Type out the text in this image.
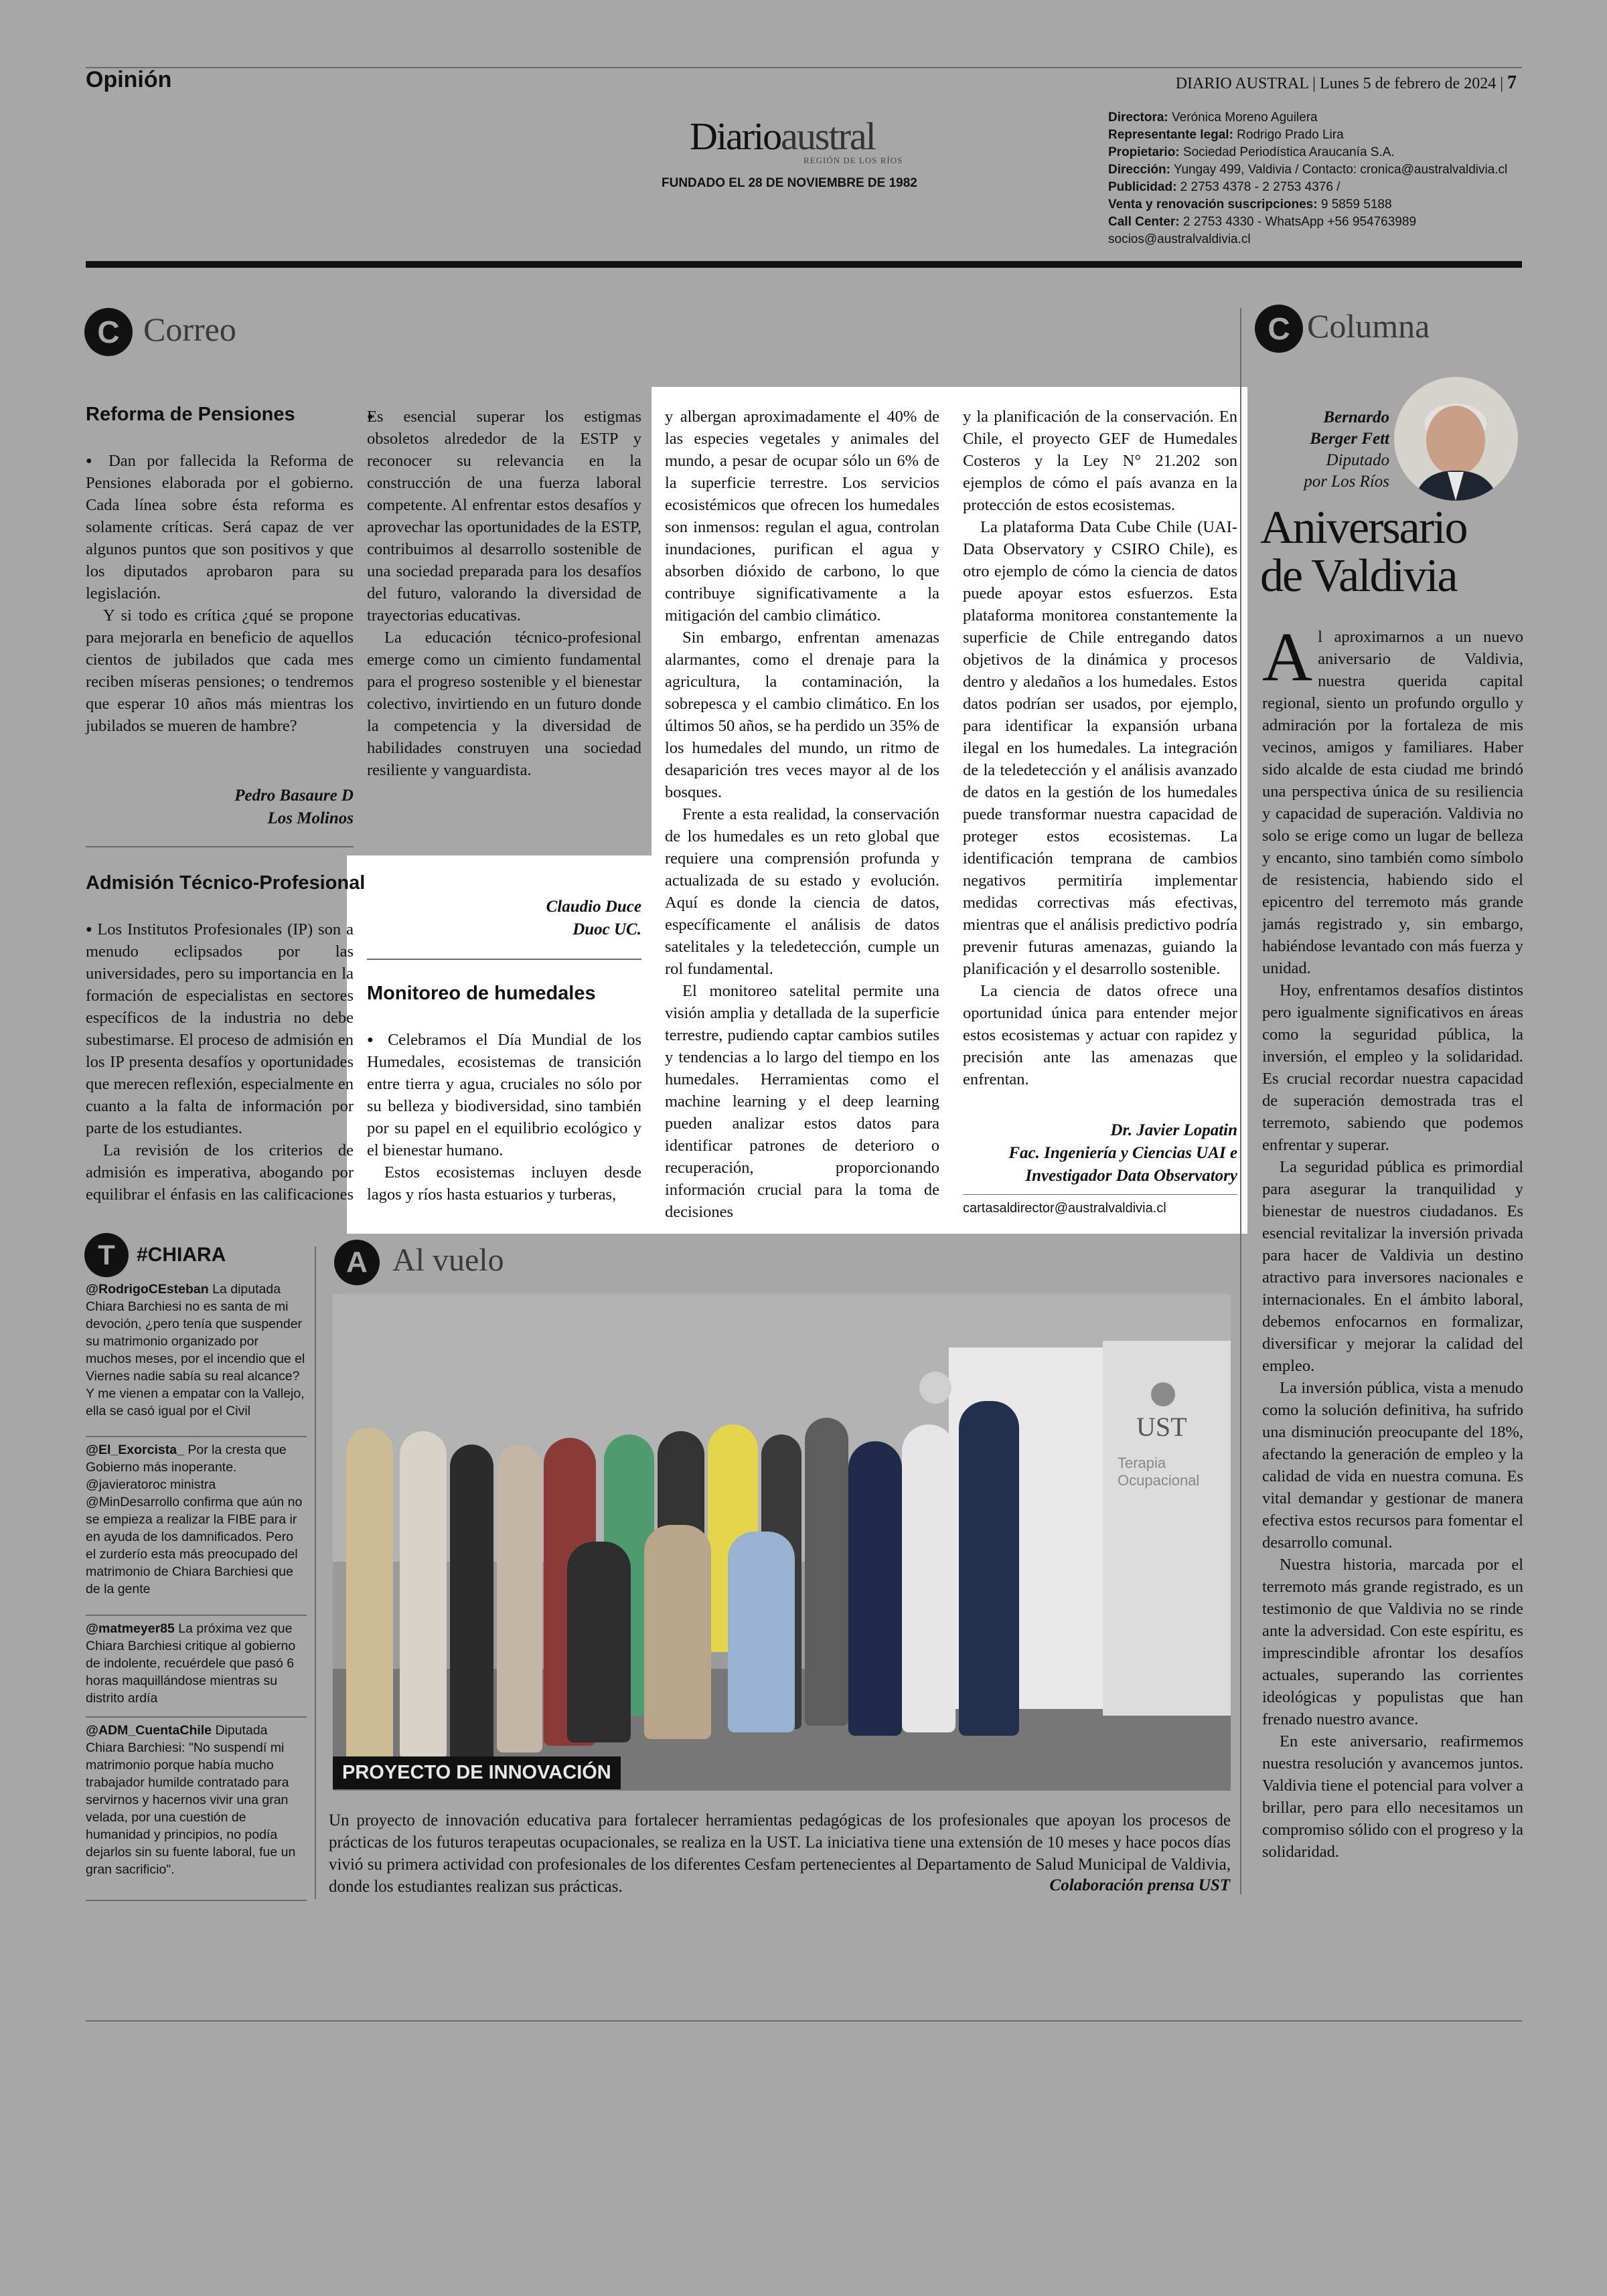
Opinión	DIARIO AUSTRAL | Lunes 5 de febrero de 2024 | 7
Diarioaustral
REGIÓN DE LOS RÍOS
FUNDADO EL 28 DE NOVIEMBRE DE 1982
Directora: Verónica Moreno Aguilera
Representante legal: Rodrigo Prado Lira
Propietario: Sociedad Periodística Araucanía S.A.
Dirección: Yungay 499, Valdivia / Contacto: cronica@australvaldivia.cl
Publicidad: 2 2753 4378 - 2 2753 4376 /
Venta y renovación suscripciones: 9 5859 5188
Call Center: 2 2753 4330 - WhatsApp +56 954763989
socios@australvaldivia.cl
C Correo
Reforma de Pensiones

● Dan por fallecida la Reforma de Pensiones elaborada por el gobierno. Cada línea sobre ésta reforma es solamente críticas. Será capaz de ver algunos puntos que son positivos y que los diputados aprobaron para su legislación.

Y si todo es crítica ¿qué se propone para mejorarla en beneficio de aquellos cientos de jubilados que cada mes reciben míseras pensiones; o tendremos que esperar 10 años más mientras los jubilados se mueren de hambre?

Pedro Basaure D
Los Molinos
Admisión Técnico-Profesional

● Los Institutos Profesionales (IP) son a menudo eclipsados por las universidades, pero su importancia en la formación de especialistas en sectores específicos de la industria no debe subestimarse. El proceso de admisión en los IP presenta desafíos y oportunidades que merecen reflexión, especialmente en cuanto a la falta de información por parte de los estudiantes.

La revisión de los criterios de admisión es imperativa, abogando por equilibrar el énfasis en las calificaciones

●

Es esencial superar los estigmas obsoletos alrededor de la ESTP y reconocer su relevancia en la construcción de una fuerza laboral competente. Al enfrentar estos desafíos y aprovechar las oportunidades de la ESTP, contribuimos al desarrollo sostenible de una sociedad preparada para los desafíos del futuro, valorando la diversidad de trayectorias educativas.

La educación técnico-profesional emerge como un cimiento fundamental para el progreso sostenible y el bienestar colectivo, invirtiendo en un futuro donde la competencia y la diversidad de habilidades construyen una sociedad resiliente y vanguardista.

Claudio Duce
Duoc UC.
Monitoreo de humedales

● Celebramos el Día Mundial de los Humedales, ecosistemas de transición entre tierra y agua, cruciales no sólo por su belleza y biodiversidad, sino también por su papel en el equilibrio ecológico y el bienestar humano.

Estos ecosistemas incluyen desde lagos y ríos hasta estuarios y turberas,

y albergan aproximadamente el 40% de las especies vegetales y animales del mundo, a pesar de ocupar sólo un 6% de la superficie terrestre. Los servicios ecosistémicos que ofrecen los humedales son inmensos: regulan el agua, controlan inundaciones, purifican el agua y absorben dióxido de carbono, lo que contribuye significativamente a la mitigación del cambio climático.

Sin embargo, enfrentan amenazas alarmantes, como el drenaje para la agricultura, la contaminación, la sobrepesca y el cambio climático. En los últimos 50 años, se ha perdido un 35% de los humedales del mundo, un ritmo de desaparición tres veces mayor al de los bosques.

Frente a esta realidad, la conservación de los humedales es un reto global que requiere una comprensión profunda y actualizada de su estado y evolución. Aquí es donde la ciencia de datos, específicamente el análisis de datos satelitales y la teledetección, cumple un rol fundamental.

El monitoreo satelital permite una visión amplia y detallada de la superficie terrestre, pudiendo captar cambios sutiles y tendencias a lo largo del tiempo en los humedales. Herramientas como el machine learning y el deep learning pueden analizar estos datos para identificar patrones de deterioro o recuperación, proporcionando información crucial para la toma de decisiones

y la planificación de la conservación. En Chile, el proyecto GEF de Humedales Costeros y la Ley N° 21.202 son ejemplos de cómo el país avanza en la protección de estos ecosistemas.

La plataforma Data Cube Chile (UAI-Data Observatory y CSIRO Chile), es otro ejemplo de cómo la ciencia de datos puede apoyar estos esfuerzos. Esta plataforma monitorea constantemente la superficie de Chile entregando datos objetivos de la dinámica y procesos dentro y aledaños a los humedales. Estos datos podrían ser usados, por ejemplo, para identificar la expansión urbana ilegal en los humedales. La integración de la teledetección y el análisis avanzado de datos en la gestión de los humedales puede transformar nuestra capacidad de proteger estos ecosistemas. La identificación temprana de cambios negativos permitiría implementar medidas correctivas más efectivas, mientras que el análisis predictivo podría prevenir futuras amenazas, guiando la planificación y el desarrollo sostenible.

La ciencia de datos ofrece una oportunidad única para entender mejor estos ecosistemas y actuar con rapidez y precisión ante las amenazas que enfrentan.

Dr. Javier Lopatin
Fac. Ingeniería y Ciencias UAI e
Investigador Data Observatory
cartasaldirector@australvaldivia.cl
C Columna
Bernardo
Berger Fett
Diputado
por Los Ríos
Aniversario
de Valdivia

Al aproximarnos a un nuevo aniversario de Valdivia, nuestra querida capital regional, siento un profundo orgullo y admiración por la fortaleza de mis vecinos, amigos y familiares. Haber sido alcalde de esta ciudad me brindó una perspectiva única de su resiliencia y capacidad de superación. Valdivia no solo se erige como un lugar de belleza y encanto, sino también como símbolo de resistencia, habiendo sido el epicentro del terremoto más grande jamás registrado y, sin embargo, habiéndose levantado con más fuerza y unidad.

Hoy, enfrentamos desafíos distintos pero igualmente significativos en áreas como la seguridad pública, la inversión, el empleo y la solidaridad. Es crucial recordar nuestra capacidad de superación demostrada tras el terremoto, sabiendo que podemos enfrentar y superar.

La seguridad pública es primordial para asegurar la tranquilidad y bienestar de nuestros ciudadanos. Es esencial revitalizar la inversión privada para hacer de Valdivia un destino atractivo para inversores nacionales e internacionales. En el ámbito laboral, debemos enfocarnos en formalizar, diversificar y mejorar la calidad del empleo.

La inversión pública, vista a menudo como la solución definitiva, ha sufrido una disminución preocupante del 18%, afectando la generación de empleo y la calidad de vida en nuestra comuna. Es vital demandar y gestionar de manera efectiva estos recursos para fomentar el desarrollo comunal.

Nuestra historia, marcada por el terremoto más grande registrado, es un testimonio de que Valdivia no se rinde ante la adversidad. Con este espíritu, es imprescindible afrontar los desafíos actuales, superando las corrientes ideológicas y populistas que han frenado nuestro avance.

En este aniversario, reafirmemos nuestra resolución y avancemos juntos. Valdivia tiene el potencial para volver a brillar, pero para ello necesitamos un compromiso sólido con el progreso y la solidaridad.

T	#CHIARA
@RodrigoCEsteban La diputada Chiara Barchiesi no es santa de mi devoción, ¿pero tenía que suspender su matrimonio organizado por muchos meses, por el incendio que el Viernes nadie sabía su real alcance? Y me vienen a empatar con la Vallejo, ella se casó igual por el Civil
@El_Exorcista_ Por la cresta que Gobierno más inoperante. @javieratoroc ministra @MinDesarrollo confirma que aún no se empieza a realizar la FIBE para ir en ayuda de los damnificados. Pero el zurderío esta más preocupado del matrimonio de Chiara Barchiesi que de la gente
@matmeyer85 La próxima vez que Chiara Barchiesi critique al gobierno de indolente, recuérdele que pasó 6 horas maquillándose mientras su distrito ardía
@ADM_CuentaChile Diputada Chiara Barchiesi: "No suspendí mi matrimonio porque había mucho trabajador humilde contratado para servirnos y hacernos vivir una gran velada, por una cuestión de humanidad y principios, no podía dejarlos sin su fuente laboral, fue un gran sacrificio".
A Al vuelo
UST
Terapia Ocupacional
PROYECTO DE INNOVACIÓN

Un proyecto de innovación educativa para fortalecer herramientas pedagógicas de los profesionales que apoyan los procesos de prácticas de los futuros terapeutas ocupacionales, se realiza en la UST. La iniciativa tiene una extensión de 10 meses y hace pocos días vivió su primera actividad con profesionales de los diferentes Cesfam pertenecientes al Departamento de Salud Municipal de Valdivia, donde los estudiantes realizan sus prácticas.	Colaboración prensa UST
